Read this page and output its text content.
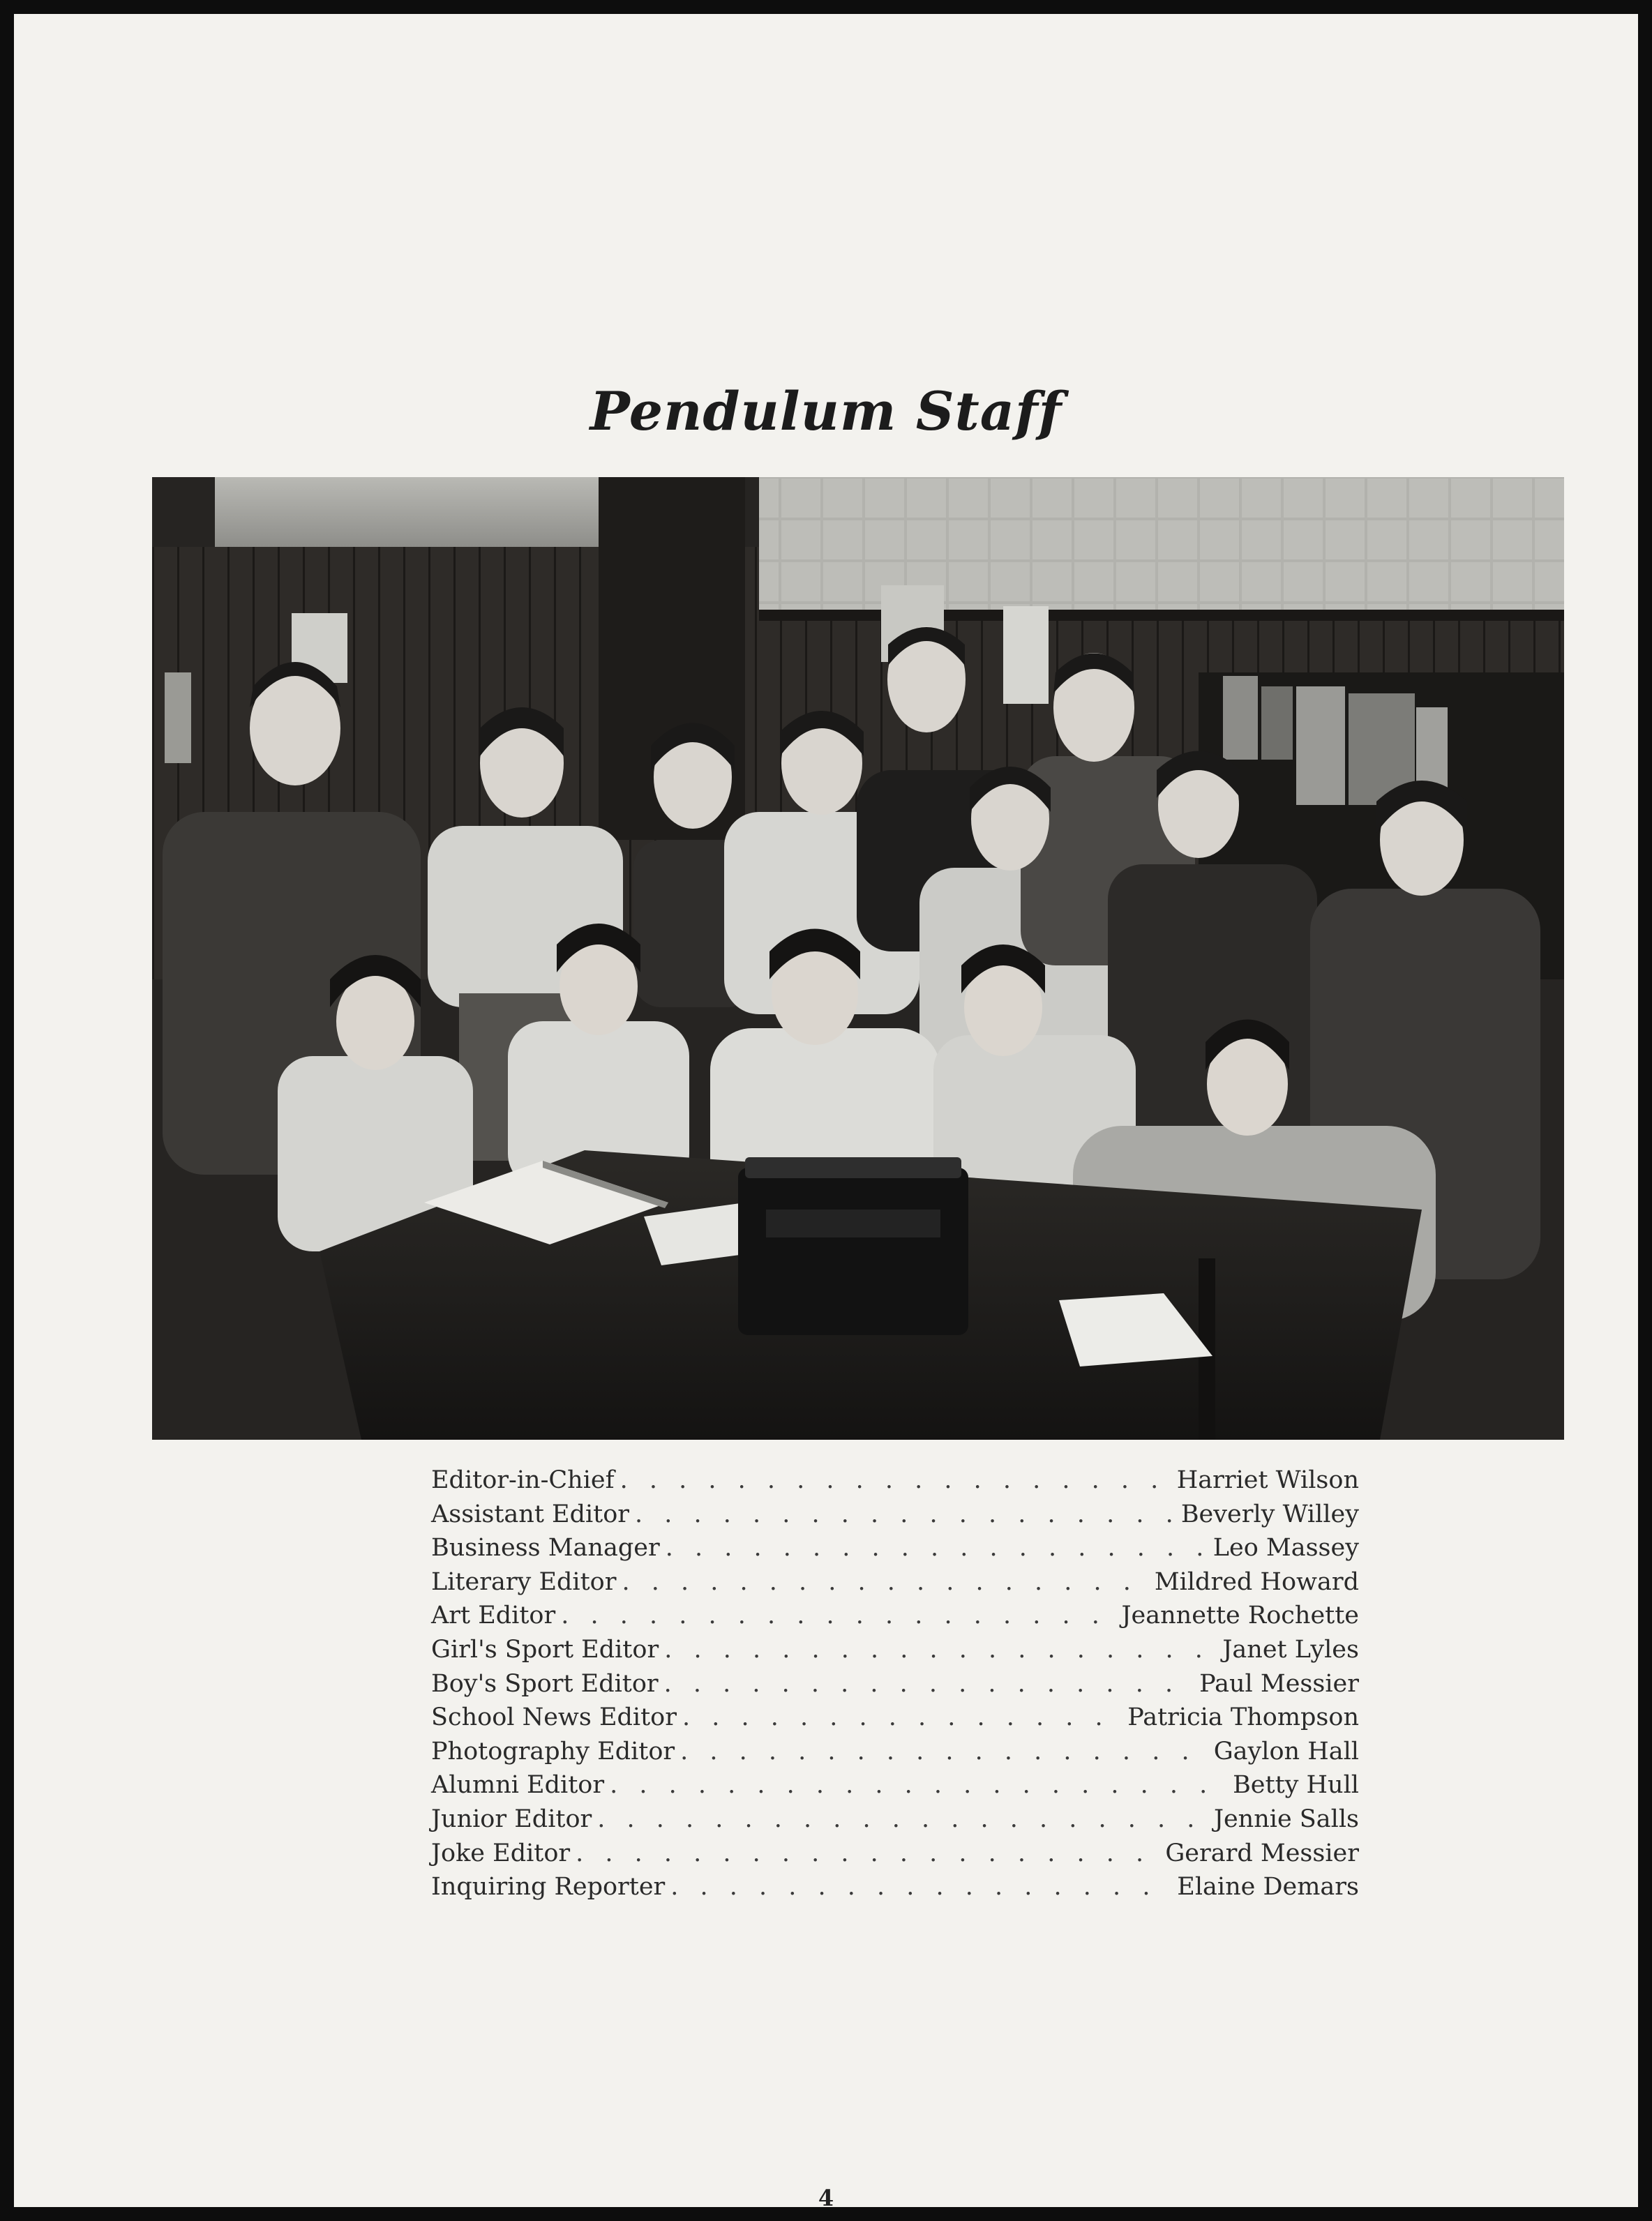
Pendulum Staff
Editor-in-Chief . . .	Harriet Wilson
Assistant Editor . . .	Beverly Willey
Business Manager . . .	Leo Massey
Literary Editor . . .	Mildred Howard
Art Editor . . .	Jeannette Rochette
Girl's Sport Editor . . .	Janet Lyles
Boy's Sport Editor . . .	Paul Messier
School News Editor . . .	Patricia Thompson
Photography Editor . . .	Gaylon Hall
Alumni Editor . . .	Betty Hull
Junior Editor . . .	Jennie Salls
Joke Editor . . .	Gerard Messier
Inquiring Reporter . . .	Elaine Demars
4
